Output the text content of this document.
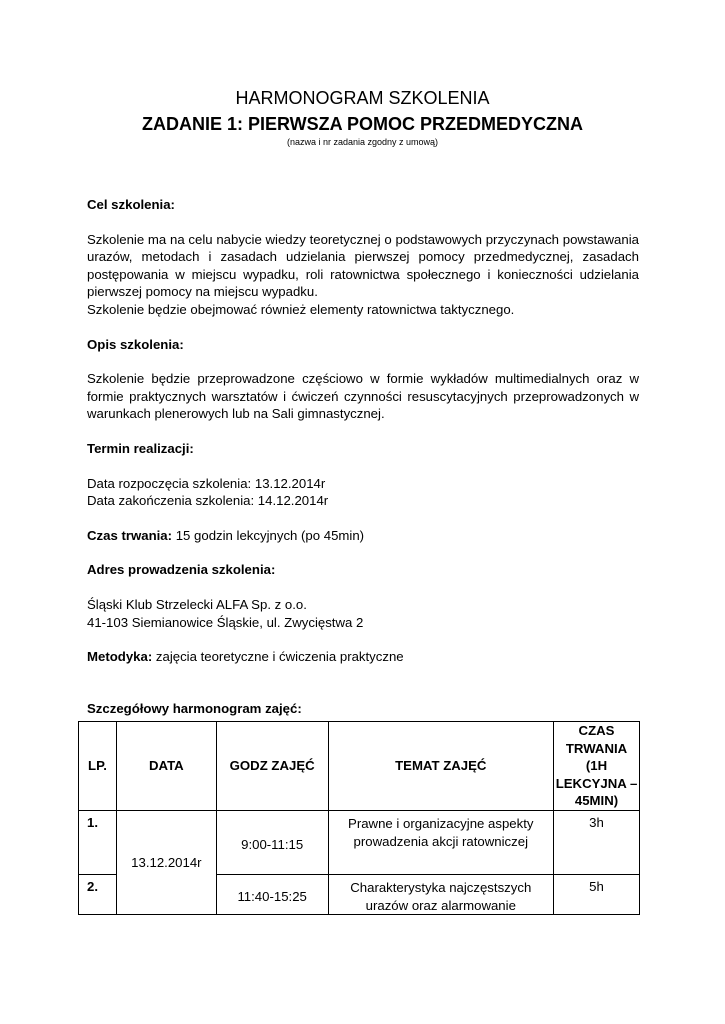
HARMONOGRAM SZKOLENIA
ZADANIE 1: PIERWSZA POMOC PRZEDMEDYCZNA
(nazwa i nr zadania zgodny z umową)
Cel szkolenia:
Szkolenie ma na celu nabycie wiedzy teoretycznej o podstawowych przyczynach powstawania urazów, metodach i zasadach udzielania pierwszej pomocy przedmedycznej, zasadach postępowania w miejscu wypadku, roli ratownictwa społecznego i konieczności udzielania pierwszej pomocy na miejscu wypadku.
Szkolenie będzie obejmować również elementy ratownictwa taktycznego.
Opis szkolenia:
Szkolenie będzie przeprowadzone częściowo w formie wykładów multimedialnych oraz w formie praktycznych warsztatów i ćwiczeń czynności resuscytacyjnych przeprowadzonych w warunkach plenerowych lub na Sali gimnastycznej.
Termin realizacji:
Data rozpoczęcia szkolenia: 13.12.2014r
Data zakończenia szkolenia: 14.12.2014r
Czas trwania: 15 godzin lekcyjnych (po 45min)
Adres prowadzenia szkolenia:
Śląski Klub Strzelecki ALFA Sp. z o.o.
41-103 Siemianowice Śląskie, ul. Zwycięstwa 2
Metodyka: zajęcia teoretyczne i ćwiczenia praktyczne
Szczegółowy harmonogram zajęć:
LP.	DATA	GODZ ZAJĘĆ	TEMAT ZAJĘĆ	CZAS TRWANIA (1H LEKCYJNA – 45MIN)
1.	13.12.2014r	9:00-11:15	Prawne i organizacyjne aspekty prowadzenia akcji ratowniczej	3h
2.		11:40-15:25	Charakterystyka najczęstszych urazów oraz alarmowanie	5h
